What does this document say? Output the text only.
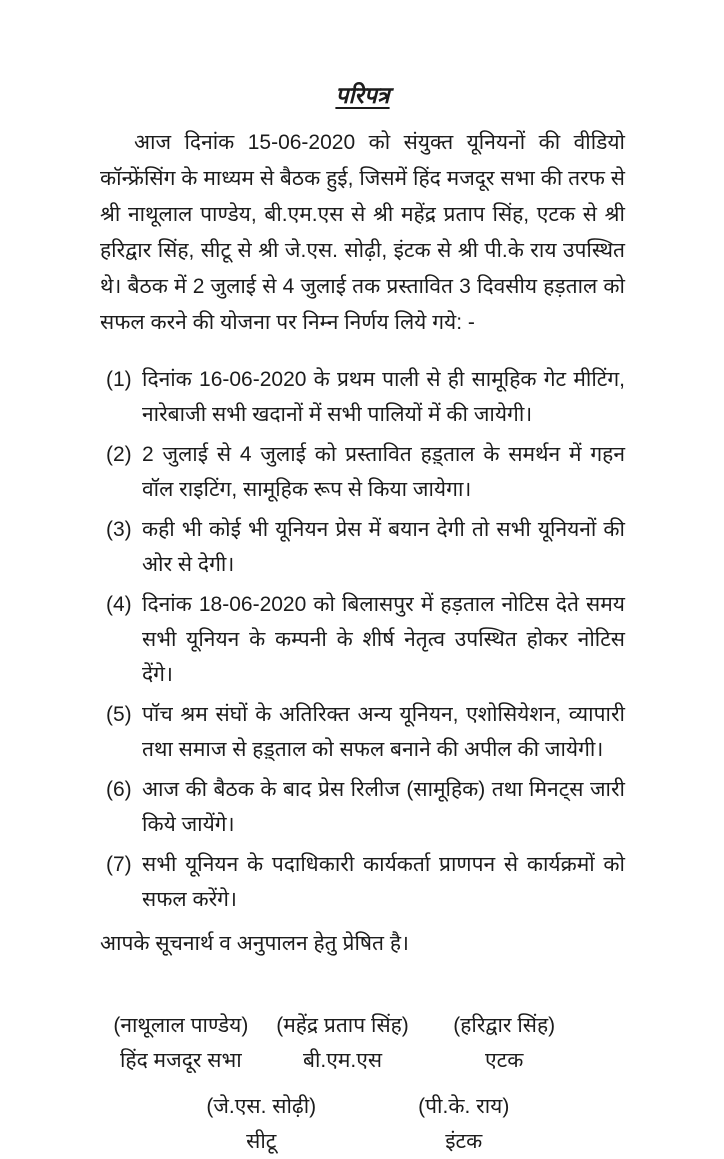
परिपत्र

आज दिनांक 15-06-2020 को संयुक्त यूनियनों की वीडियो कॉन्फ्रेंसिंग के माध्यम से बैठक हुई, जिसमें हिंद मजदूर सभा की तरफ से श्री नाथूलाल पाण्डेय, बी.एम.एस से श्री महेंद्र प्रताप सिंह, एटक से श्री हरिद्वार सिंह, सीटू से श्री जे.एस. सोढ़ी, इंटक से श्री पी.के राय उपस्थित थे। बैठक में 2 जुलाई से 4 जुलाई तक प्रस्तावित 3 दिवसीय हड़ताल को सफल करने की योजना पर निम्न निर्णय लिये गये: -

(1) दिनांक 16-06-2020 के प्रथम पाली से ही सामूहिक गेट मीटिंग, नारेबाजी सभी खदानों में सभी पालियों में की जायेगी।
(2) 2 जुलाई से 4 जुलाई को प्रस्तावित हड़्ताल के समर्थन में गहन वॉल राइटिंग, सामूहिक रूप से किया जायेगा।
(3) कही भी कोई भी यूनियन प्रेस में बयान देगी तो सभी यूनियनों की ओर से देगी।
(4) दिनांक 18-06-2020 को बिलासपुर में हड़ताल नोटिस देते समय सभी यूनियन के कम्पनी के शीर्ष नेतृत्व उपस्थित होकर नोटिस देंगे।
(5) पॉच श्रम संघों के अतिरिक्त अन्य यूनियन, एशोसियेशन, व्यापारी तथा समाज से हड़्ताल को सफल बनाने की अपील की जायेगी।
(6) आज की बैठक के बाद प्रेस रिलीज (सामूहिक) तथा मिनट्स जारी किये जायेंगे।
(7) सभी यूनियन के पदाधिकारी कार्यकर्ता प्राणपन से कार्यक्रमों को सफल करेंगे।

आपके सूचनार्थ व अनुपालन हेतु प्रेषित है।

(नाथूलाल पाण्डेय)
हिंद मजदूर सभा
(महेंद्र प्रताप सिंह)
बी.एम.एस
(हरिद्वार सिंह)
एटक
(जे.एस. सोढ़ी)
सीटू
(पी.के. राय)
इंटक
